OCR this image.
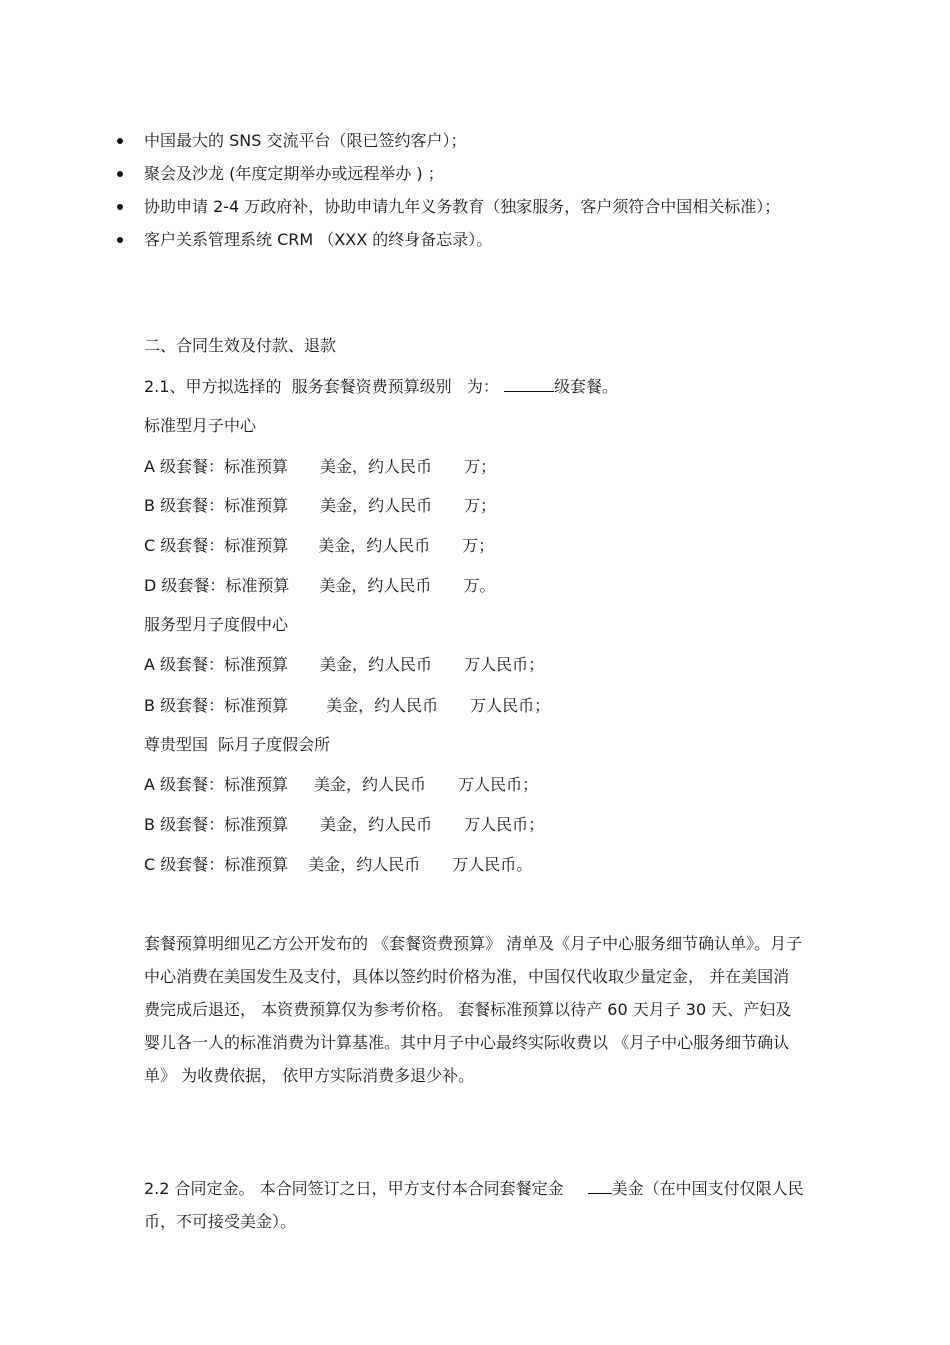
中国最大的 SNS 交流平台（限已签约客户）；
聚会及沙龙 (年度定期举办或远程举办 ) ；
协助申请 2-4 万政府补，协助申请九年义务教育（独家服务，客户须符合中国相关标准）；
客户关系管理系统 CRM （XXX 的终身备忘录）。
二、合同生效及付款、退款
2.1、甲方拟选择的  服务套餐资费预算级别   为：	级套餐。
标准型月子中心
A 级套餐：标准预算 美金，约人民币 万；
B 级套餐：标准预算 美金，约人民币 万；
C 级套餐：标准预算 美金，约人民币 万；
D 级套餐：标准预算 美金，约人民币 万。
服务型月子度假中心
A 级套餐：标准预算 美金，约人民币 万人民币；
B 级套餐：标准预算 美金，约人民币 万人民币；
尊贵型国  际月子度假会所
A 级套餐：标准预算 美金，约人民币 万人民币；
B 级套餐：标准预算 美金，约人民币 万人民币；
C 级套餐：标准预算 美金，约人民币 万人民币。
套餐预算明细见乙方公开发布的 《套餐资费预算》 清单及《月子中心服务细节确认单》。月子中心消费在美国发生及支付，具体以签约时价格为准，中国仅代收取少量定金， 并在美国消费完成后退还， 本资费预算仅为参考价格。 套餐标准预算以待产 60 天月子 30 天、产妇及婴儿各一人的标准消费为计算基准。其中月子中心最终实际收费以 《月子中心服务细节确认单》 为收费依据， 依甲方实际消费多退少补。
2.2 合同定金。 本合同签订之日，甲方支付本合同套餐定金	美金（在中国支付仅限人民币，不可接受美金）。
